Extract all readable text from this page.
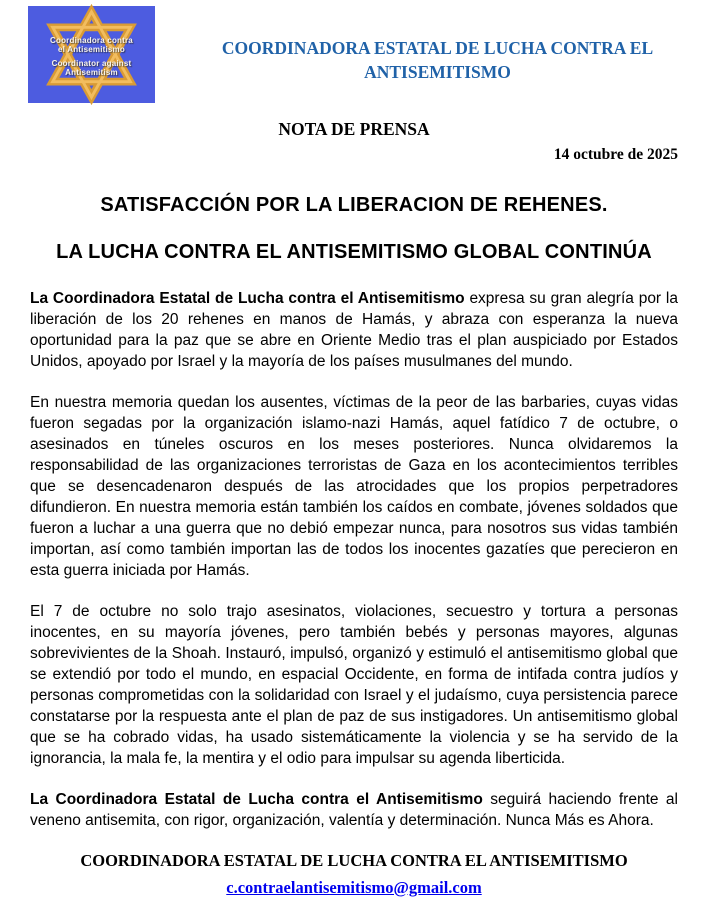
Coordinadora contra
el Antisemitismo
Coordinator against
Antisemitism
COORDINADORA ESTATAL DE LUCHA CONTRA EL ANTISEMITISMO
NOTA DE PRENSA
14 octubre de 2025
SATISFACCIÓN POR LA LIBERACION DE REHENES.
LA LUCHA CONTRA EL ANTISEMITISMO GLOBAL CONTINÚA

La Coordinadora Estatal de Lucha contra el Antisemitismo expresa su gran alegría por la liberación de los 20 rehenes en manos de Hamás, y abraza con esperanza la nueva oportunidad para la paz que se abre en Oriente Medio tras el plan auspiciado por Estados Unidos, apoyado por Israel y la mayoría de los países musulmanes del mundo.

En nuestra memoria quedan los ausentes, víctimas de la peor de las barbaries, cuyas vidas fueron segadas por la organización islamo-nazi Hamás, aquel fatídico 7 de octubre, o asesinados en túneles oscuros en los meses posteriores. Nunca olvidaremos la responsabilidad de las organizaciones terroristas de Gaza en los acontecimientos terribles que se desencadenaron después de las atrocidades que los propios perpetradores difundieron. En nuestra memoria están también los caídos en combate, jóvenes soldados que fueron a luchar a una guerra que no debió empezar nunca, para nosotros sus vidas también importan, así como también importan las de todos los inocentes gazatíes que perecieron en esta guerra iniciada por Hamás.

El 7 de octubre no solo trajo asesinatos, violaciones, secuestro y tortura a personas inocentes, en su mayoría jóvenes, pero también bebés y personas mayores, algunas sobrevivientes de la Shoah. Instauró, impulsó, organizó y estimuló el antisemitismo global que se extendió por todo el mundo, en espacial Occidente, en forma de intifada contra judíos y personas comprometidas con la solidaridad con Israel y el judaísmo, cuya persistencia parece constatarse por la respuesta ante el plan de paz de sus instigadores. Un antisemitismo global que se ha cobrado vidas, ha usado sistemáticamente la violencia y se ha servido de la ignorancia, la mala fe, la mentira y el odio para impulsar su agenda liberticida.

La Coordinadora Estatal de Lucha contra el Antisemitismo seguirá haciendo frente al veneno antisemita, con rigor, organización, valentía y determinación. Nunca Más es Ahora.

COORDINADORA ESTATAL DE LUCHA CONTRA EL ANTISEMITISMO
c.contraelantisemitismo@gmail.com
